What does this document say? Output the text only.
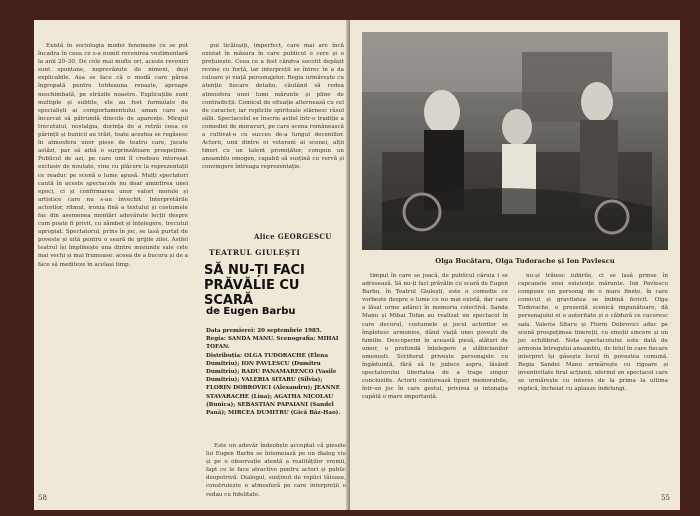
Există în sociologia modei fenomene ce se pot încadra în ceea ce s-a numit revenirea vestimentară la anii 20–30. De cele mai multe ori, aceste reveniri sunt spontane, neprevăzute de nimeni, deși explicabile. Așa se face că o modă care părea îngropată pentru totdeauna renaște, aproape neschimbată, pe străzile noastre. Explicațiile sunt multiple și subtile, ele au fost formulate de specialiști ai comportamentului uman care au încercat să pătrundă dincolo de aparențe. Mirajul trecutului, nostalgia, dorința de a retrăi ceea ce părinții și bunicii au trăit, toate acestea se regăsesc în atmosfera unor piese de teatru care, jucate astăzi, par să aibă o surprinzătoare prospețime. Publicul de azi, pe care unii îl credeau interesat exclusiv de noutate, vine cu plăcere la reprezentații ce readuc pe scenă o lume apusă. Mulți spectatori caută în aceste spectacole nu doar amintirea unei epoci, ci și confirmarea unor valori morale și artistice care nu s-au învechit. Interpretările actorilor, ritmul, ironia fină a textului și costumele fac din asemenea montări adevărate lecții despre cum poate fi privit, cu zâmbet și înțelegere, trecutul apropiat. Spectatorul, prins în joc, se lasă purtat de poveste și uită pentru o seară de grijile zilei. Astfel teatrul își împlinește una dintre misiunile sale cele mai vechi și mai frumoase: aceea de a bucura și de a face să mediteze în același timp.

pui ticăloșiți, imperfect, care mai are încă existat în măsura în care publicul o cere și o prețuiește. Ceea ce a fost cândva socotit depășit revine cu forță, iar interpreții se întrec în a da culoare și viață personajelor. Regia urmărește cu atenție fiecare detaliu, căutând să redea atmosfera unei lumi mărunte și pline de contradicții. Comicul de situație alternează cu cel de caracter, iar replicile spirituale stârnesc râsul sălii. Spectacolul se înscrie astfel într-o tradiție a comediei de moravuri, pe care scena românească a cultivat-o cu succes de-a lungul deceniilor. Actorii, unii dintre ei veterani ai scenei, alții tineri cu un talent promițător, compun un ansamblu omogen, capabil să susțină cu vervă și convingere întreaga reprezentație.

Alice GEORGESCU
TEATRUL GIULEȘTI
SĂ NU-ȚI FACI PRĂVĂLIE CU SCARĂ
de Eugen Barbu
Data premierei: 20 septembrie 1985.
Regia: SANDA MANU. Scenografia: MIHAI TOFAN.
Distribuția: OLGA TUDORACHE (Elena Dumitriu); ION PAVLESCU (Dumitru Dumitriu); RADU PANAMARENCO (Vasile Dumitriu); VALERIA SITARU (Silvia); FLORIN DOBROVICI (Alexandru); JEANNE STAVARACHE (Lina); AGATHA NICOLAU (Bunica); SEBASTIAN PAPAIANI (Sandel Pană); MIRCEA DUMITRU (Gică Bâz-Hao).

Este un adevăr îndeobște acceptat că piesele lui Eugen Barbu se întemeiază pe un dialog viu și pe o observație atentă a realităților vremii, fapt ce le face atractive pentru actori și public deopotrivă. Dialogul, susținut de replici tăioase, construiește o atmosferă pe care interpreții o redau cu fidelitate.

58
Olga Bucătaru, Olga Tudorache și Ion Pavlescu

timpul în care se joacă, de publicul căruia i se adresează. Să nu-ți faci prăvălie cu scară de Eugen Barbu, în Teatrul Giulești, este o comedie ce vorbește despre o lume ce nu mai există, dar care a lăsat urme adânci în memoria colectivă. Sanda Manu și Mihai Tofan au realizat un spectacol în care decorul, costumele și jocul actorilor se împletesc armonios, dând viață unei povești de familie. Descoperim în această piesă, alături de umor, o profundă înțelegere a slăbiciunilor omenești. Scriitorul privește personajele cu îngăduință, fără să le judece aspru, lăsând spectatorului libertatea de a trage singur concluziile. Actorii conturează tipuri memorabile, într-un joc în care gestul, privirea și intonația capătă o mare importanță.

nu-și trăiesc iubirile, ci se lasă prinse în capcanele unei existențe mărunte. Ion Pavlescu compune un personaj de o mare finețe, în care comicul și gravitatea se îmbină fericit. Olga Tudorache, o prezență scenică impunătoare, dă personajului ei o autoritate și o căldură ce cuceresc sala. Valeria Sitaru și Florin Dobrovici aduc pe scenă prospețimea tinereții, cu emoții sincere și un joc echilibrat. Nota spectacolului este dată de armonia întregului ansamblu, de felul în care fiecare interpret își găsește locul în povestea comună. Regia Sandei Manu urmărește cu rigoare și inventivitate firul acțiunii, oferind un spectacol care se urmărește cu interes de la prima la ultima replică, încheiat cu aplauze îndelungi.

55
